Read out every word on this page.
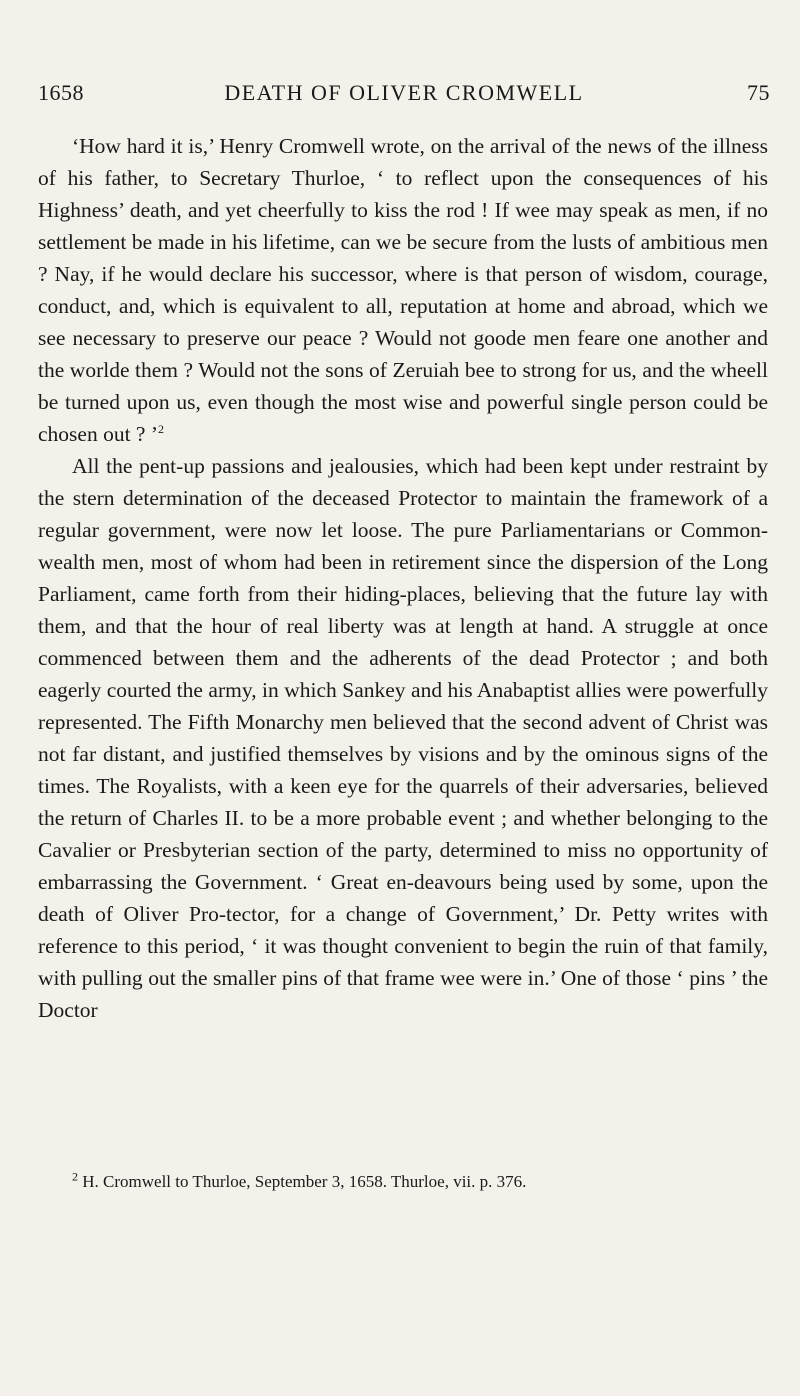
1658	DEATH OF OLIVER CROMWELL	75

‘How hard it is,’ Henry Cromwell wrote, on the arrival of the news of the illness of his father, to Secretary Thurloe, ‘ to reflect upon the consequences of his Highness’ death, and yet cheerfully to kiss the rod ! If wee may speak as men, if no settlement be made in his lifetime, can we be secure from the lusts of ambitious men ? Nay, if he would declare his successor, where is that person of wisdom, courage, conduct, and, which is equivalent to all, reputation at home and abroad, which we see necessary to preserve our peace ? Would not goode men feare one another and the worlde them ? Would not the sons of Zeruiah bee to strong for us, and the wheell be turned upon us, even though the most wise and powerful single person could be chosen out ? ’$^2$

All the pent-up passions and jealousies, which had been kept under restraint by the stern determination of the deceased Protector to maintain the framework of a regular government, were now let loose. The pure Parliamentarians or Common-wealth men, most of whom had been in retirement since the dispersion of the Long Parliament, came forth from their hiding-places, believing that the future lay with them, and that the hour of real liberty was at length at hand. A struggle at once commenced between them and the adherents of the dead Protector ; and both eagerly courted the army, in which Sankey and his Anabaptist allies were powerfully represented. The Fifth Monarchy men believed that the second advent of Christ was not far distant, and justified themselves by visions and by the ominous signs of the times. The Royalists, with a keen eye for the quarrels of their adversaries, believed the return of Charles II. to be a more probable event ; and whether belonging to the Cavalier or Presbyterian section of the party, determined to miss no opportunity of embarrassing the Government. ‘ Great en-deavours being used by some, upon the death of Oliver Pro-tector, for a change of Government,’ Dr. Petty writes with reference to this period, ‘ it was thought convenient to begin the ruin of that family, with pulling out the smaller pins of that frame wee were in.’ One of those ‘ pins ’ the Doctor

$^2$ H. Cromwell to Thurloe, September 3, 1658. Thurloe, vii. p. 376.
